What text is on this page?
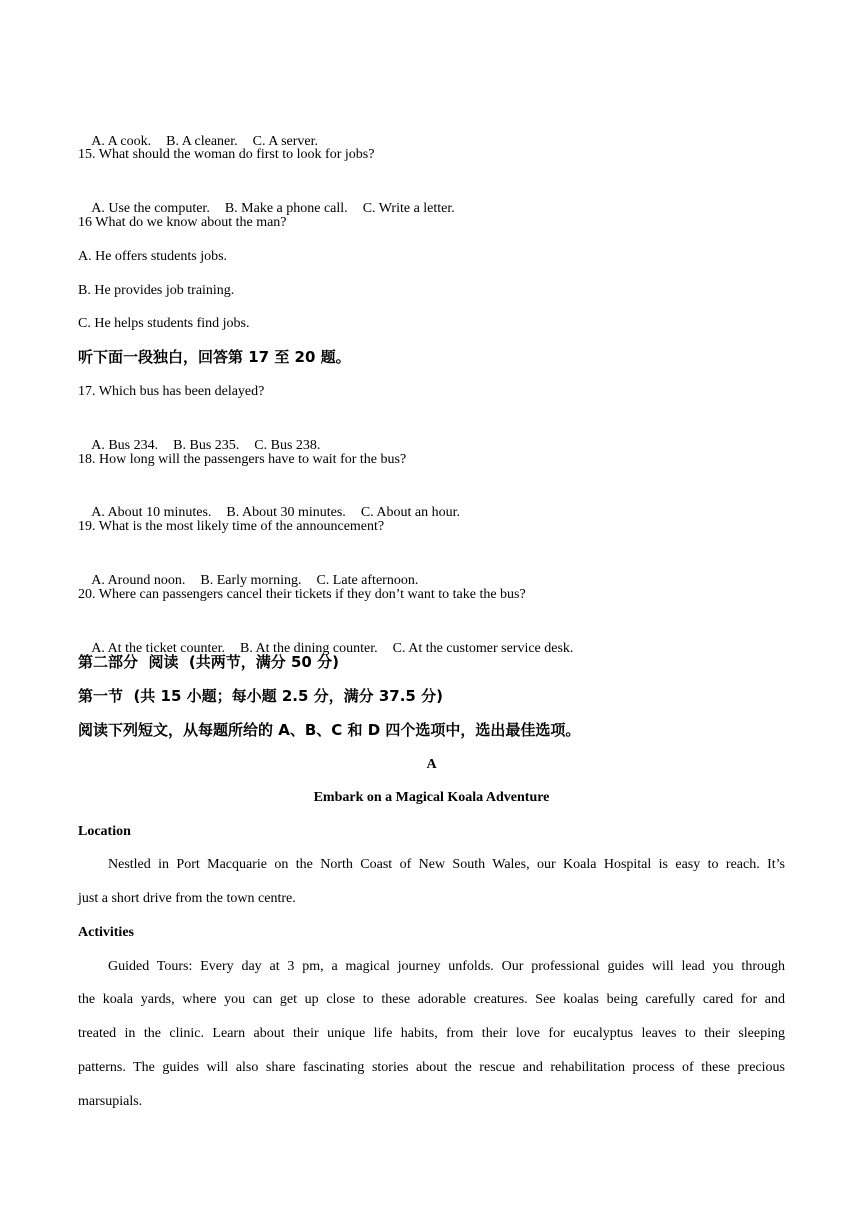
A. A cook. B. A cleaner. C. A server.

15. What should the woman do first to look for jobs?

A. Use the computer. B. Make a phone call. C. Write a letter.

16 What do we know about the man?
A. He offers students jobs.
B. He provides job training.
C. He helps students find jobs.
听下面一段独白，回答第 17 至 20 题。
17. Which bus has been delayed?

A. Bus 234. B. Bus 235. C. Bus 238.

18. How long will the passengers have to wait for the bus?

A. About 10 minutes. B. About 30 minutes. C. About an hour.

19. What is the most likely time of the announcement?

A. Around noon. B. Early morning. C. Late afternoon.

20. Where can passengers cancel their tickets if they don’t want to take the bus?

A. At the ticket counter. B. At the dining counter. C. At the customer service desk.

第二部分  阅读  (共两节，满分 50 分)
第一节  (共 15 小题；每小题 2.5 分，满分 37.5 分)
阅读下列短文，从每题所给的 A、B、C 和 D 四个选项中，选出最佳选项。
A
Embark on a Magical Koala Adventure
Location
Nestled in Port Macquarie on the North Coast of New South Wales, our Koala Hospital is easy to reach. It’s
just a short drive from the town centre.
Activities
Guided Tours: Every day at 3 pm, a magical journey unfolds. Our professional guides will lead you through
the koala yards, where you can get up close to these adorable creatures. See koalas being carefully cared for and
treated in the clinic. Learn about their unique life habits, from their love for eucalyptus leaves to their sleeping
patterns. The guides will also share fascinating stories about the rescue and rehabilitation process of these precious
marsupials.
